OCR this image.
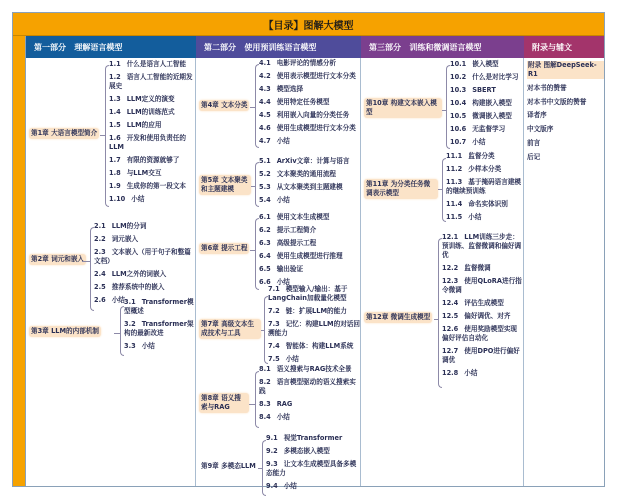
【目录】图解大模型
第一部分   理解语言模型	第二部分   使用预训练语言模型	第三部分   训练和微调语言模型	附录与辅文
第1章 大语言模型简介
1.1 什么是语言人工智能
1.2 语言人工智能的近期发展史
1.3 LLM定义的演变
1.4 LLM的训练范式
1.5 LLM的应用
1.6 开发和使用负责任的LLM
1.7 有限的资源就够了
1.8 与LLM交互
1.9 生成你的第一段文本
1.10 小结
第2章 词元和嵌入
2.1 LLM的分词
2.2 词元嵌入
2.3 文本嵌入（用于句子和整篇文档）
2.4 LLM之外的词嵌入
2.5 推荐系统中的嵌入
2.6 小结
第3章 LLM的内部机制
3.1 Transformer模型概述
3.2 Transformer架构的最新改进
3.3 小结
第4章 文本分类
4.1 电影评论的情感分析
4.2 使用表示模型进行文本分类
4.3 模型选择
4.4 使用特定任务模型
4.5 利用嵌入向量的分类任务
4.6 使用生成模型进行文本分类
4.7 小结
第5章 文本聚类和主题建模
5.1 ArXiv文章：计算与语言
5.2 文本聚类的通用流程
5.3 从文本聚类到主题建模
5.4 小结
第6章 提示工程
6.1 使用文本生成模型
6.2 提示工程简介
6.3 高级提示工程
6.4 使用生成模型进行推理
6.5 输出验证
6.6 小结
第7章 高级文本生成技术与工具
7.1 模型输入/输出：基于LangChain加载量化模型
7.2 链：扩展LLM的能力
7.3 记忆：构建LLM的对话回溯能力
7.4 智能体：构建LLM系统
7.5 小结
第8章 语义搜索与RAG
8.1 语义搜索与RAG技术全景
8.2 语言模型驱动的语义搜索实践
8.3 RAG
8.4 小结
第9章 多模态LLM
9.1 视觉Transformer
9.2 多模态嵌入模型
9.3 让文本生成模型具备多模态能力
9.4 小结
第10章 构建文本嵌入模型
10.1 嵌入模型
10.2 什么是对比学习
10.3 SBERT
10.4 构建嵌入模型
10.5 微调嵌入模型
10.6 无监督学习
10.7 小结
第11章 为分类任务微调表示模型
11.1 监督分类
11.2 少样本分类
11.3 基于掩码语言建模的继续预训练
11.4 命名实体识别
11.5 小结
第12章 微调生成模型
12.1 LLM训练三步走：预训练、监督微调和偏好调优
12.2 监督微调
12.3 使用QLoRA进行指令微调
12.4 评估生成模型
12.5 偏好调优、对齐
12.6 使用奖励模型实现偏好评估自动化
12.7 使用DPO进行偏好调优
12.8 小结
附录 图解DeepSeek-R1
对本书的赞誉
对本书中文版的赞誉
译者序
中文版序
前言
后记
